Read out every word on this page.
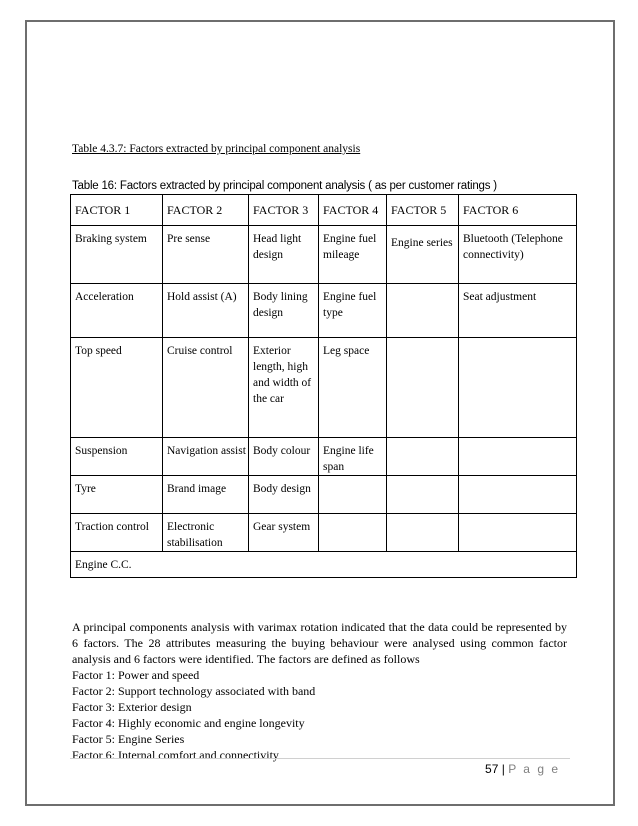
Table 4.3.7: Factors extracted by principal component analysis
Table 16: Factors extracted by principal component analysis ( as per customer ratings )
FACTOR 1	FACTOR 2	FACTOR 3	FACTOR 4	FACTOR 5	FACTOR 6
Braking system	Pre sense	Head light design	Engine fuel mileage	Engine series	Bluetooth (Telephone connectivity)
Acceleration	Hold assist (A)	Body lining design	Engine fuel type		Seat adjustment
Top speed	Cruise control	Exterior length, high and width of the car	Leg space		
Suspension	Navigation assist	Body colour	Engine life span		
Tyre	Brand image	Body design			
Traction control	Electronic stabilisation	Gear system			
Engine C.C.					

A principal components analysis with varimax rotation indicated that the data could be represented by 6 factors. The 28 attributes measuring the buying behaviour were analysed using common factor analysis and 6 factors were identified. The factors are defined as follows

Factor 1: Power and speed
Factor 2: Support technology associated with band
Factor 3: Exterior design
Factor 4: Highly economic and engine longevity
Factor 5: Engine Series
Factor 6: Internal comfort and connectivity
57 | P a g e
